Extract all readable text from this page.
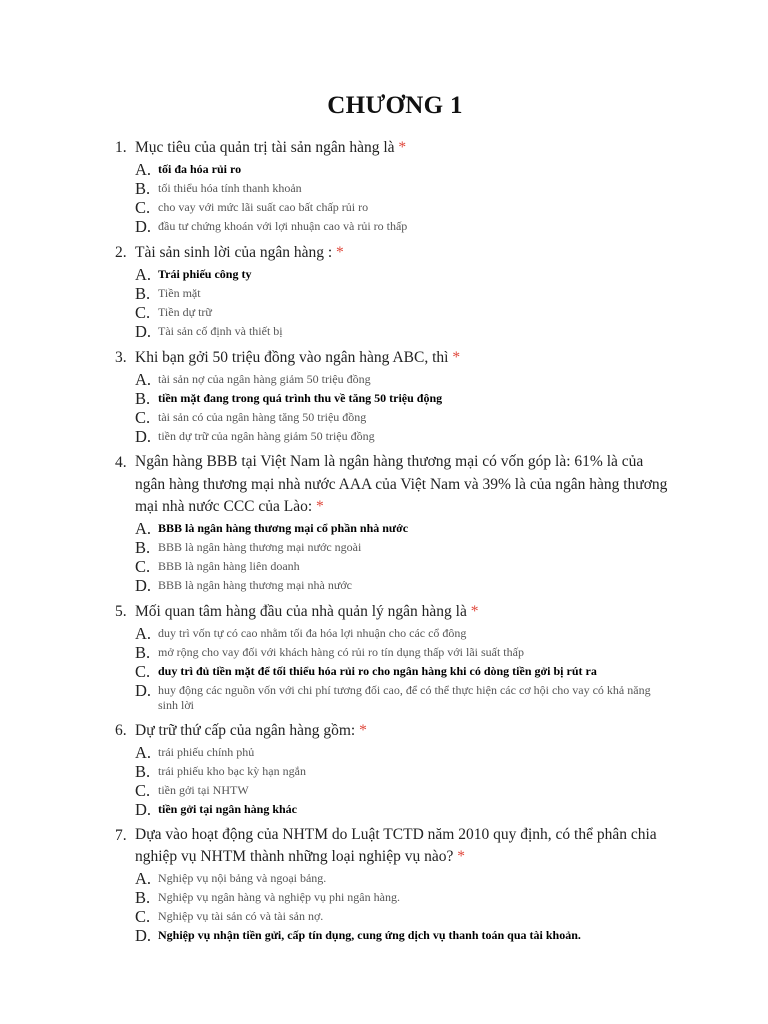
CHƯƠNG 1
1. Mục tiêu của quản trị tài sản ngân hàng là *
A. tối đa hóa rủi ro
B. tối thiểu hóa tính thanh khoản
C. cho vay với mức lãi suất cao bất chấp rủi ro
D. đầu tư chứng khoán với lợi nhuận cao và rủi ro thấp
2. Tài sản sinh lời của ngân hàng : *
A. Trái phiếu công ty
B. Tiền mặt
C. Tiền dự trữ
D. Tài sản cố định và thiết bị
3. Khi bạn gởi 50 triệu đồng vào ngân hàng ABC, thì *
A. tài sản nợ của ngân hàng giảm 50 triệu đồng
B. tiền mặt đang trong quá trình thu về tăng 50 triệu động
C. tài sản có của ngân hàng tăng 50 triệu đồng
D. tiền dự trữ của ngân hàng giảm 50 triệu đồng
4. Ngân hàng BBB tại Việt Nam là ngân hàng thương mại có vốn góp là: 61% là của ngân hàng thương mại nhà nước AAA của Việt Nam và 39% là của ngân hàng thương mại nhà nước CCC của Lào: *
A. BBB là ngân hàng thương mại cổ phần nhà nước
B. BBB là ngân hàng thương mại nước ngoài
C. BBB là ngân hàng liên doanh
D. BBB là ngân hàng thương mại nhà nước
5. Mối quan tâm hàng đầu của nhà quản lý ngân hàng là *
A. duy trì vốn tự có cao nhằm tối đa hóa lợi nhuận cho các cổ đông
B. mở rộng cho vay đối với khách hàng có rủi ro tín dụng thấp với lãi suất thấp
C. duy trì đủ tiền mặt để tối thiểu hóa rủi ro cho ngân hàng khi có dòng tiền gởi bị rút ra
D. huy động các nguồn vốn với chi phí tương đối cao, để có thể thực hiện các cơ hội cho vay có khả năng sinh lời
6. Dự trữ thứ cấp của ngân hàng gồm: *
A. trái phiếu chính phủ
B. trái phiếu kho bạc kỳ hạn ngắn
C. tiền gởi tại NHTW
D. tiền gởi tại ngân hàng khác
7. Dựa vào hoạt động của NHTM do Luật TCTD năm 2010 quy định, có thể phân chia nghiệp vụ NHTM thành những loại nghiệp vụ nào? *
A. Nghiệp vụ nội bảng và ngoại bảng.
B. Nghiệp vụ ngân hàng và nghiệp vụ phi ngân hàng.
C. Nghiệp vụ tài sản có và tài sản nợ.
D. Nghiệp vụ nhận tiền gửi, cấp tín dụng, cung ứng dịch vụ thanh toán qua tài khoản.
